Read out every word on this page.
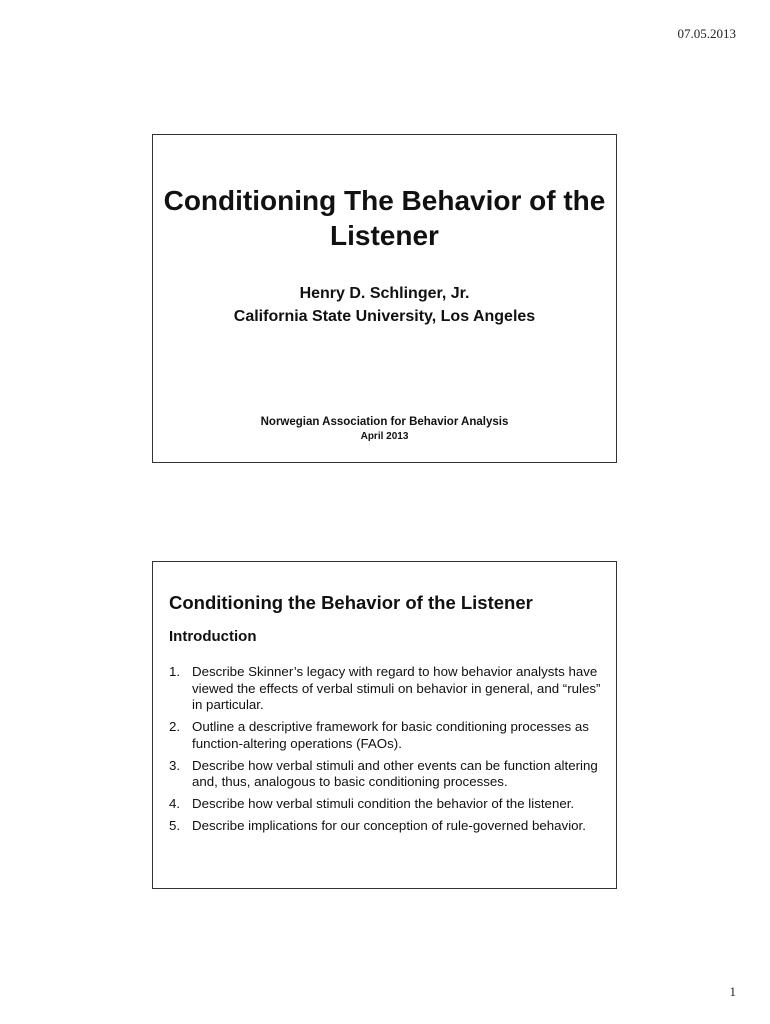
07.05.2013
Conditioning The Behavior of the Listener
Henry D. Schlinger, Jr.
California State University, Los Angeles
Norwegian Association for Behavior Analysis
April 2013
Conditioning the Behavior of the Listener
Introduction
1. Describe Skinner’s legacy with regard to how behavior analysts have viewed the effects of verbal stimuli on behavior in general, and “rules” in particular.
2. Outline a descriptive framework for basic conditioning processes as function-altering operations (FAOs).
3. Describe how verbal stimuli and other events can be function altering and, thus, analogous to basic conditioning processes.
4. Describe how verbal stimuli condition the behavior of the listener.
5. Describe implications for our conception of rule-governed behavior.
1
